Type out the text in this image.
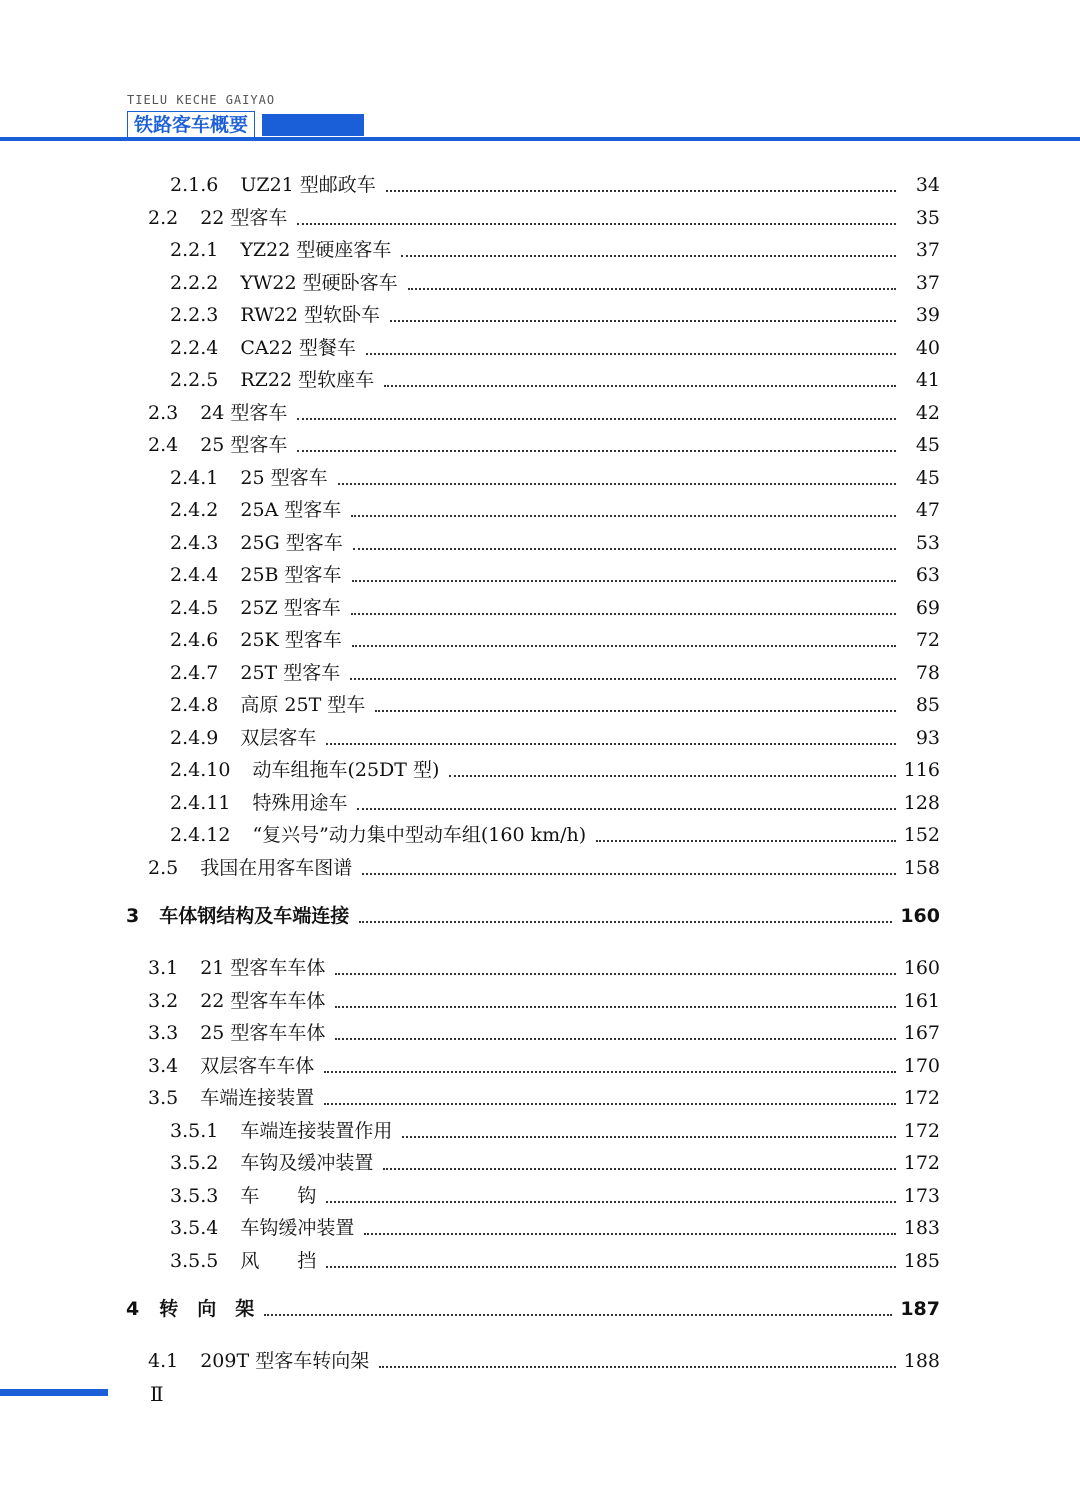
TIELU KECHE GAIYAO
铁路客车概要
2.1.6 UZ21 型邮政车	34
2.2 22 型客车	35
2.2.1 YZ22 型硬座客车	37
2.2.2 YW22 型硬卧客车	37
2.2.3 RW22 型软卧车	39
2.2.4 CA22 型餐车	40
2.2.5 RZ22 型软座车	41
2.3 24 型客车	42
2.4 25 型客车	45
2.4.1 25 型客车	45
2.4.2 25A 型客车	47
2.4.3 25G 型客车	53
2.4.4 25B 型客车	63
2.4.5 25Z 型客车	69
2.4.6 25K 型客车	72
2.4.7 25T 型客车	78
2.4.8 高原 25T 型车	85
2.4.9 双层客车	93
2.4.10 动车组拖车(25DT 型)	116
2.4.11 特殊用途车	128
2.4.12 “复兴号”动力集中型动车组(160 km/h)	152
2.5 我国在用客车图谱	158
3 车体钢结构及车端连接	160
3.1 21 型客车车体	160
3.2 22 型客车车体	161
3.3 25 型客车车体	167
3.4 双层客车车体	170
3.5 车端连接装置	172
3.5.1 车端连接装置作用	172
3.5.2 车钩及缓冲装置	172
3.5.3 车　　钩	173
3.5.4 车钩缓冲装置	183
3.5.5 风　　挡	185
4 转　向　架	187
4.1 209T 型客车转向架	188
Ⅱ
